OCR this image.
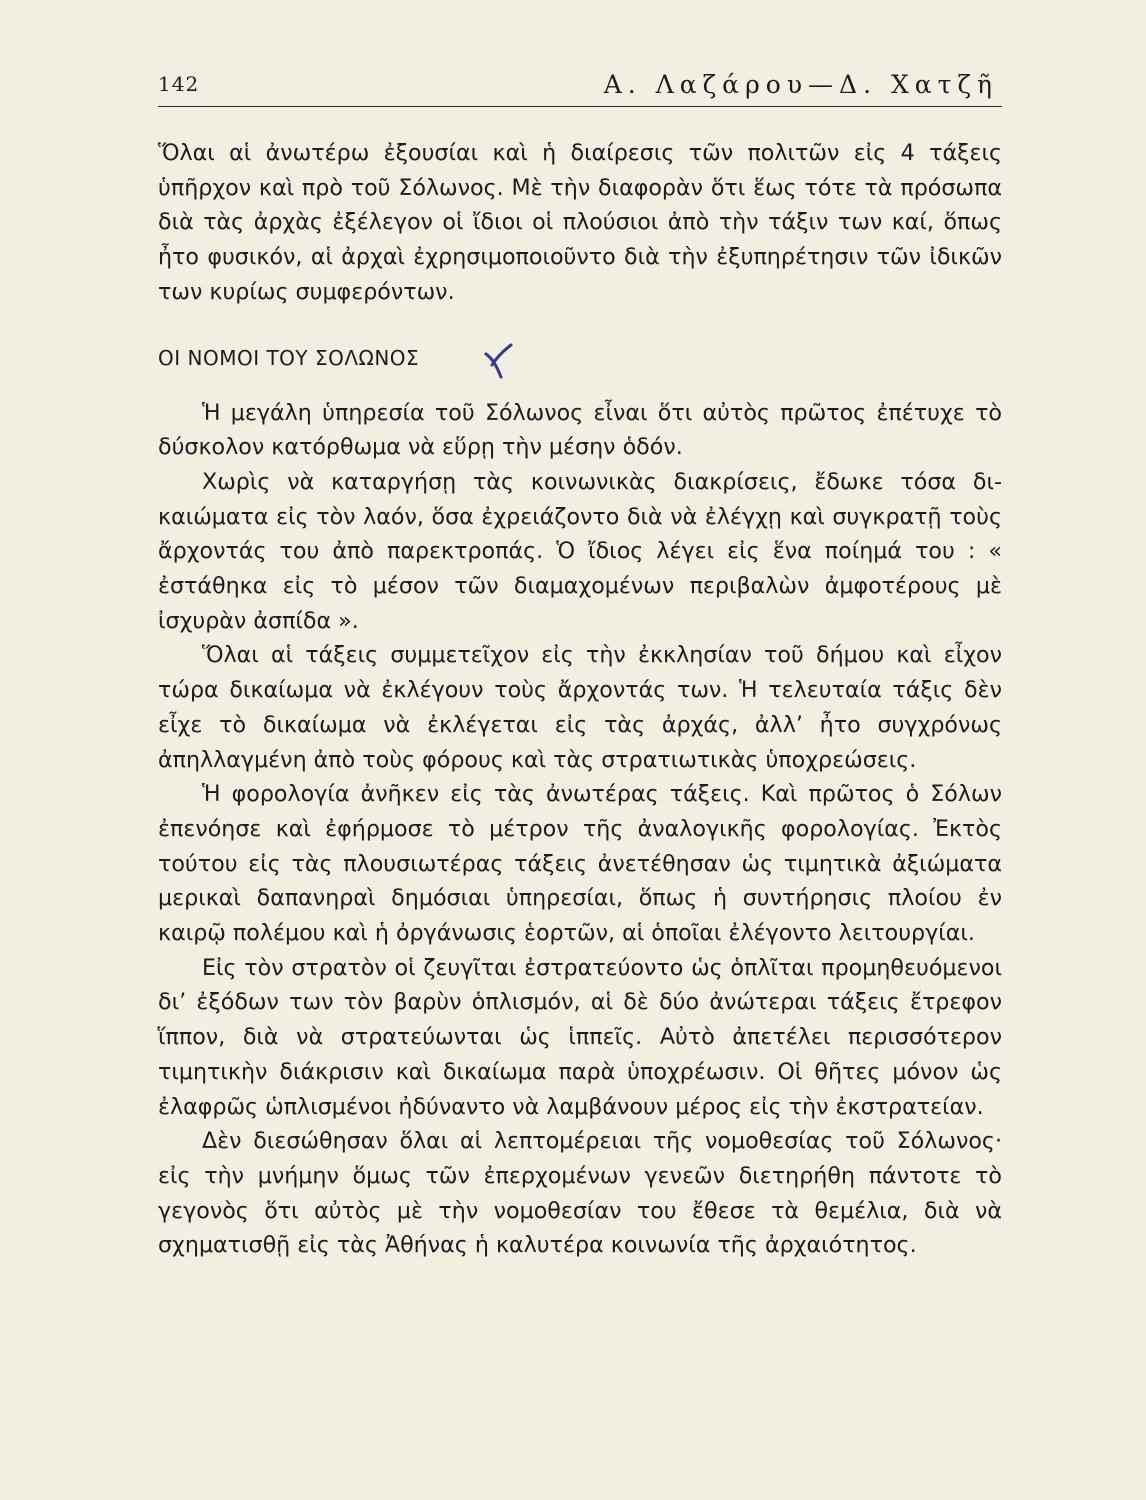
142	Α. Λαζάρου—Δ. Χατζῆ

Ὅλαι αἱ ἀνωτέρω ἐξουσίαι καὶ ἡ διαίρεσις τῶν πολιτῶν εἰς 4 τάξεις ὑπῆρχον καὶ πρὸ τοῦ Σόλωνος. Μὲ τὴν διαφορὰν ὅτι ἕως τότε τὰ πρόσωπα διὰ τὰς ἀρχὰς ἐξέλεγον οἱ ἴδιοι οἱ πλούσιοι ἀπὸ τὴν τάξιν των καί, ὅπως ἦτο φυσικόν, αἱ ἀρχαὶ ἐχρησιμοποιοῦντο διὰ τὴν ἐξυπηρέτησιν τῶν ἰδικῶν των κυρίως συμφερόντων.

ΟΙ ΝΟΜΟΙ ΤΟΥ ΣΟΛΩΝΟΣ

Ἡ μεγάλη ὑπηρεσία τοῦ Σόλωνος εἶναι ὅτι αὐτὸς πρῶτος ἐπέτυχε τὸ δύσκολον κατόρθωμα νὰ εὕρῃ τὴν μέσην ὁδόν.

Χωρὶς νὰ καταργήσῃ τὰς κοινωνικὰς διακρίσεις, ἔδωκε τόσα δικαιώματα εἰς τὸν λαόν, ὅσα ἐχρειάζοντο διὰ νὰ ἐλέγχῃ καὶ συγκρατῇ τοὺς ἄρχοντάς του ἀπὸ παρεκτροπάς. Ὁ ἴδιος λέγει εἰς ἕνα ποίημά του : « ἐστάθηκα εἰς τὸ μέσον τῶν διαμαχομένων περιβαλὼν ἀμφοτέρους μὲ ἰσχυρὰν ἀσπίδα ».

Ὅλαι αἱ τάξεις συμμετεῖχον εἰς τὴν ἐκκλησίαν τοῦ δήμου καὶ εἶχον τώρα δικαίωμα νὰ ἐκλέγουν τοὺς ἄρχοντάς των. Ἡ τελευταία τάξις δὲν εἶχε τὸ δικαίωμα νὰ ἐκλέγεται εἰς τὰς ἀρχάς, ἀλλ’ ἦτο συγχρόνως ἀπηλλαγμένη ἀπὸ τοὺς φόρους καὶ τὰς στρατιωτικὰς ὑποχρεώσεις.

Ἡ φορολογία ἀνῆκεν εἰς τὰς ἀνωτέρας τάξεις. Καὶ πρῶτος ὁ Σόλων ἐπενόησε καὶ ἐφήρμοσε τὸ μέτρον τῆς ἀναλογικῆς φορολογίας. Ἐκτὸς τούτου εἰς τὰς πλουσιωτέρας τάξεις ἀνετέθησαν ὡς τιμητικὰ ἀξιώματα μερικαὶ δαπανηραὶ δημόσιαι ὑπηρεσίαι, ὅπως ἡ συντήρησις πλοίου ἐν καιρῷ πολέμου καὶ ἡ ὀργάνωσις ἑορτῶν, αἱ ὁποῖαι ἐλέγοντο λειτουργίαι.

Εἰς τὸν στρατὸν οἱ ζευγῖται ἐστρατεύοντο ὡς ὁπλῖται προμηθευόμενοι δι’ ἐξόδων των τὸν βαρὺν ὁπλισμόν, αἱ δὲ δύο ἀνώτεραι τάξεις ἔτρεφον ἵππον, διὰ νὰ στρατεύωνται ὡς ἱππεῖς. Αὐτὸ ἀπετέλει περισσότερον τιμητικὴν διάκρισιν καὶ δικαίωμα παρὰ ὑποχρέωσιν. Οἱ θῆτες μόνον ὡς ἐλαφρῶς ὡπλισμένοι ἠδύναντο νὰ λαμβάνουν μέρος εἰς τὴν ἐκστρατείαν.

Δὲν διεσώθησαν ὅλαι αἱ λεπτομέρειαι τῆς νομοθεσίας τοῦ Σόλωνος· εἰς τὴν μνήμην ὅμως τῶν ἐπερχομένων γενεῶν διετηρήθη πάντοτε τὸ γεγονὸς ὅτι αὐτὸς μὲ τὴν νομοθεσίαν του ἔθεσε τὰ θεμέλια, διὰ νὰ σχηματισθῇ εἰς τὰς Ἀθήνας ἡ καλυτέρα κοινωνία τῆς ἀρχαιότητος.
